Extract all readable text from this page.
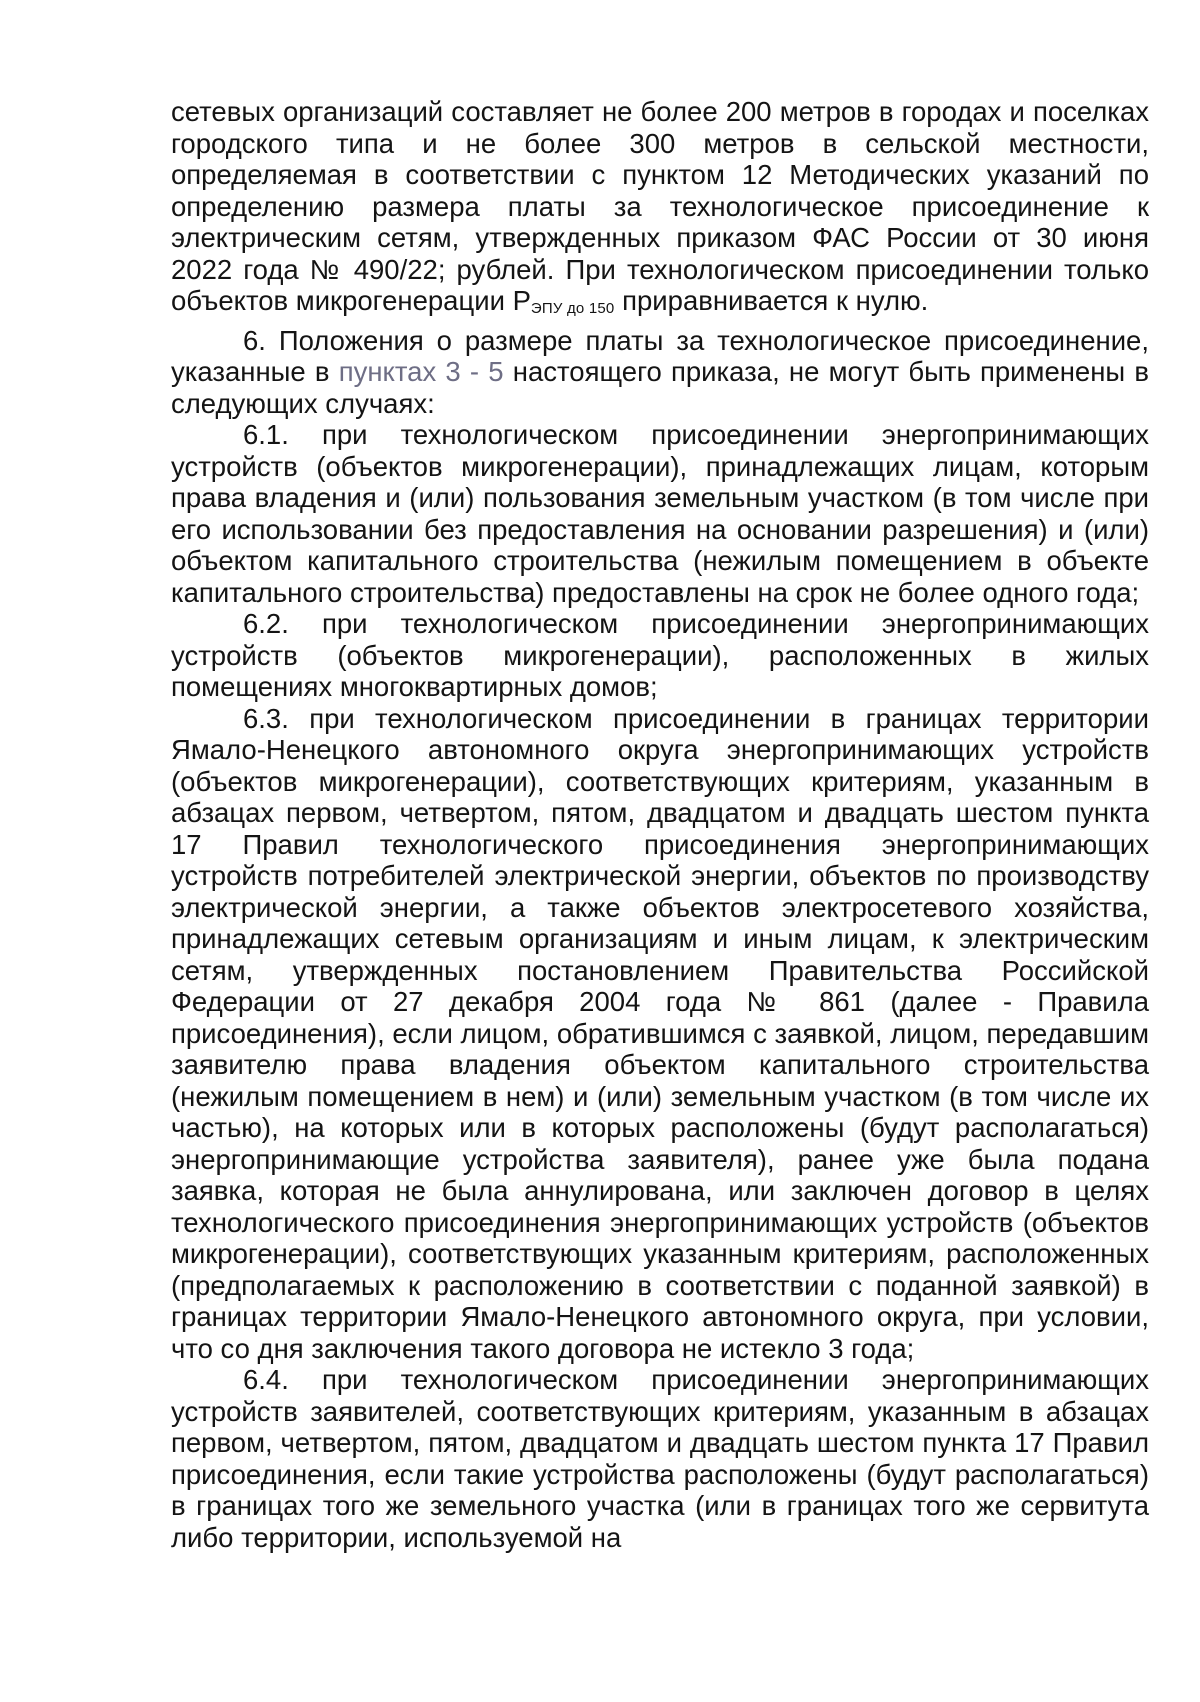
сетевых организаций составляет не более 200 метров в городах и поселках городского типа и не более 300 метров в сельской местности, определяемая в соответствии с пунктом 12 Методических указаний по определению размера платы за технологическое присоединение к электрическим сетям, утвержденных приказом ФАС России от 30 июня 2022 года № 490/22; рублей. При технологическом присоединении только объектов микрогенерации $P_{ЭПУ до 150}$ приравнивается к нулю.

6. Положения о размере платы за технологическое присоединение, указанные в пунктах 3 - 5 настоящего приказа, не могут быть применены в следующих случаях:

6.1. при технологическом присоединении энергопринимающих устройств (объектов микрогенерации), принадлежащих лицам, которым права владения и (или) пользования земельным участком (в том числе при его использовании без предоставления на основании разрешения) и (или) объектом капитального строительства (нежилым помещением в объекте капитального строительства) предоставлены на срок не более одного года;

6.2. при технологическом присоединении энергопринимающих устройств (объектов микрогенерации), расположенных в жилых помещениях многоквартирных домов;

6.3. при технологическом присоединении в границах территории Ямало-Ненецкого автономного округа энергопринимающих устройств (объектов микрогенерации), соответствующих критериям, указанным в абзацах первом, четвертом, пятом, двадцатом и двадцать шестом пункта 17 Правил технологического присоединения энергопринимающих устройств потребителей электрической энергии, объектов по производству электрической энергии, а также объектов электросетевого хозяйства, принадлежащих сетевым организациям и иным лицам, к электрическим сетям, утвержденных постановлением Правительства Российской Федерации от 27 декабря 2004 года № 861 (далее - Правила присоединения), если лицом, обратившимся с заявкой, лицом, передавшим заявителю права владения объектом капитального строительства (нежилым помещением в нем) и (или) земельным участком (в том числе их частью), на которых или в которых расположены (будут располагаться) энергопринимающие устройства заявителя), ранее уже была подана заявка, которая не была аннулирована, или заключен договор в целях технологического присоединения энергопринимающих устройств (объектов микрогенерации), соответствующих указанным критериям, расположенных (предполагаемых к расположению в соответствии с поданной заявкой) в границах территории Ямало-Ненецкого автономного округа, при условии, что со дня заключения такого договора не истекло 3 года;

6.4. при технологическом присоединении энергопринимающих устройств заявителей, соответствующих критериям, указанным в абзацах первом, четвертом, пятом, двадцатом и двадцать шестом пункта 17 Правил присоединения, если такие устройства расположены (будут располагаться) в границах того же земельного участка (или в границах того же сервитута либо территории, используемой на
